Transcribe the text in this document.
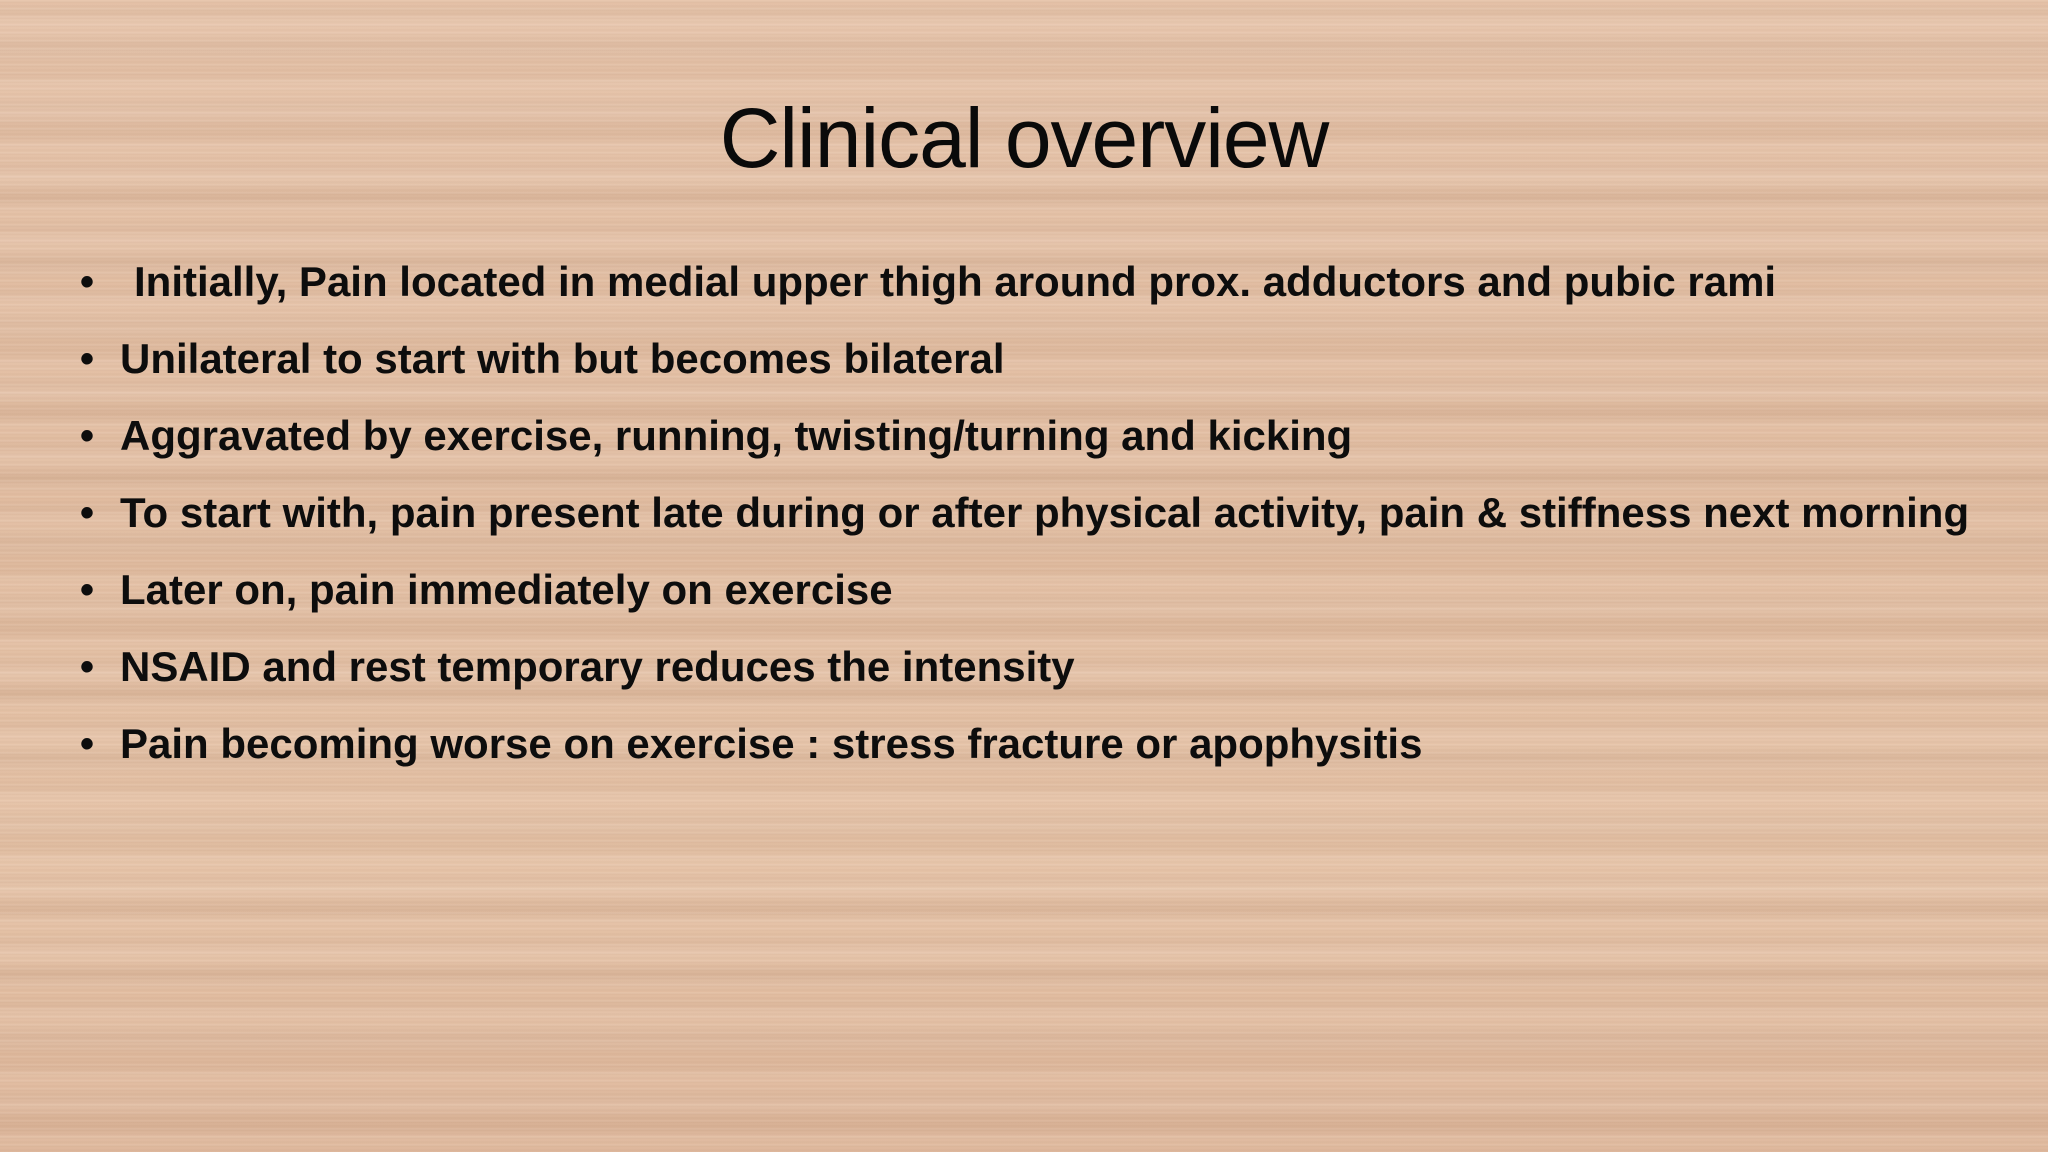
Clinical overview
• Initially, Pain located in medial upper thigh around prox. adductors and pubic rami
• Unilateral to start with but becomes bilateral
• Aggravated by exercise, running, twisting/turning and kicking
• To start with, pain present late during or after physical activity, pain & stiffness next morning
• Later on, pain immediately on exercise
• NSAID and rest temporary reduces the intensity
• Pain becoming worse on exercise : stress fracture or apophysitis
